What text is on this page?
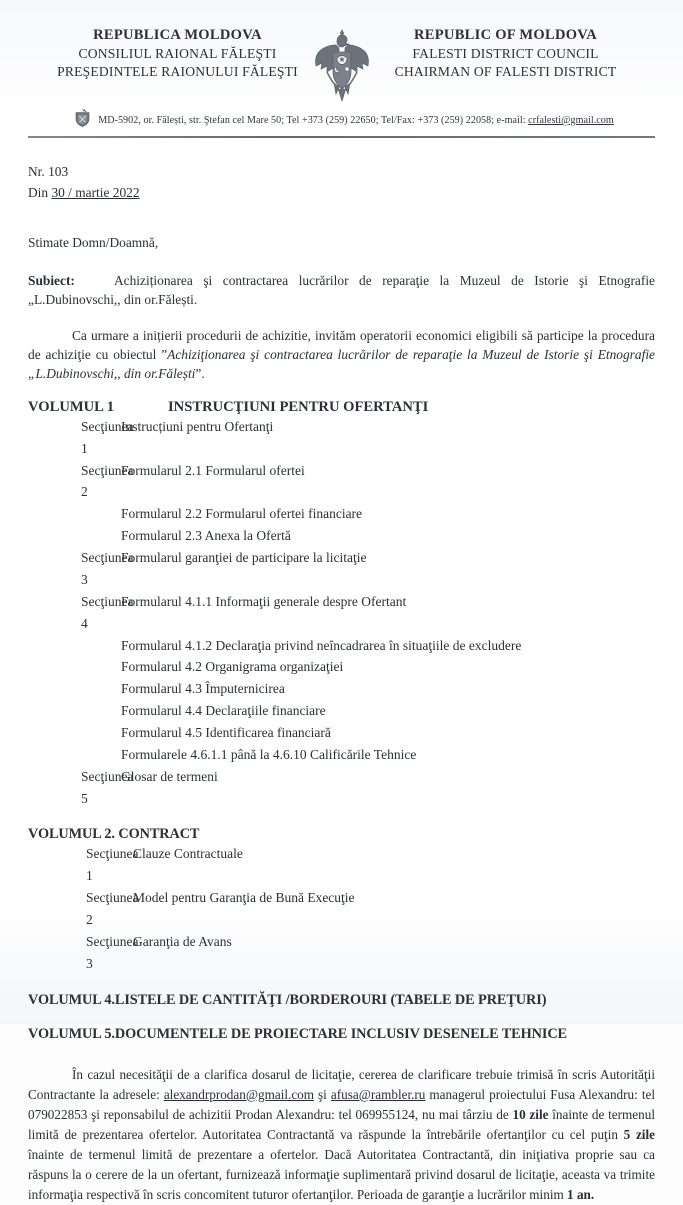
REPUBLICA MOLDOVA
CONSILIUL RAIONAL FĂLEŞTI
PREŞEDINTELE RAIONULUI FĂLEŞTI
REPUBLIC OF MOLDOVA
FALESTI DISTRICT COUNCIL
CHAIRMAN OF FALESTI DISTRICT
MD-5902, or. Fălești, str. Ştefan cel Mare 50; Tel +373 (259) 22650; Tel/Fax: +373 (259) 22058; e-mail: crfalesti@gmail.com
Nr. 103
Din 30 / martie 2022
Stimate Domn/Doamnă,
Subiect:	Achiziționarea şi contractarea lucrărilor de reparaţie la Muzeul de Istorie şi Etnografie „L.Dubinovschi,, din or.Fălești.
Ca urmare a inițierii procedurii de achizitie, invităm operatorii economici eligibili să participe la procedura de achiziţie cu obiectul ”Achiziţionarea şi contractarea lucrărilor de reparaţie la Muzeul de Istorie şi Etnografie „L.Dubinovschi,, din or.Fălești”.
VOLUMUL 1	INSTRUCŢIUNI PENTRU OFERTANŢI
Secţiunea 1
Instrucțiuni pentru Ofertanţi
Secţiunea 2
Formularul 2.1 Formularul ofertei
Formularul 2.2 Formularul ofertei financiare
Formularul 2.3 Anexa la Ofertă
Secţiunea 3
Formularul garanţiei de participare la licitaţie
Secţiunea 4
Formularul 4.1.1 Informaţii generale despre Ofertant
Formularul 4.1.2 Declaraţia privind neîncadrarea în situaţiile de excludere
Formularul 4.2 Organigrama organizaţiei
Formularul 4.3 Împuternicirea
Formularul 4.4 Declaraţiile financiare
Formularul 4.5 Identificarea financiară
Formularele 4.6.1.1 până la 4.6.10 Calificările Tehnice
Secţiunea 5
Glosar de termeni
VOLUMUL 2. CONTRACT
Secţiunea 1
Clauze Contractuale
Secţiunea 2
Model pentru Garanţia de Bună Execuţie
Secţiunea 3
Garanţia de Avans
VOLUMUL 4.LISTELE DE CANTITĂŢI /BORDEROURI (TABELE DE PREŢURI)
VOLUMUL 5.DOCUMENTELE DE PROIECTARE INCLUSIV DESENELE TEHNICE
În cazul necesităţii de a clarifica dosarul de licitaţie, cererea de clarificare trebuie trimisă în scris Autorităţii Contractante la adresele: alexandrprodan@gmail.com şi afusa@rambler.ru managerul proiectului Fusa Alexandru: tel 079022853 şi reponsabilul de achizitii Prodan Alexandru: tel 069955124, nu mai târziu de 10 zile înainte de termenul limită de prezentarea ofertelor. Autoritatea Contractantă va răspunde la întrebările ofertanţilor cu cel puţin 5 zile înainte de termenul limită de prezentare a ofertelor. Dacă Autoritatea Contractantă, din iniţiativa proprie sau ca răspuns la o cerere de la un ofertant, furnizează informaţie suplimentară privind dosarul de licitaţie, aceasta va trimite informaţia respectivă în scris concomitent tuturor ofertanţilor. Perioada de garanţie a lucrărilor minim 1 an.
